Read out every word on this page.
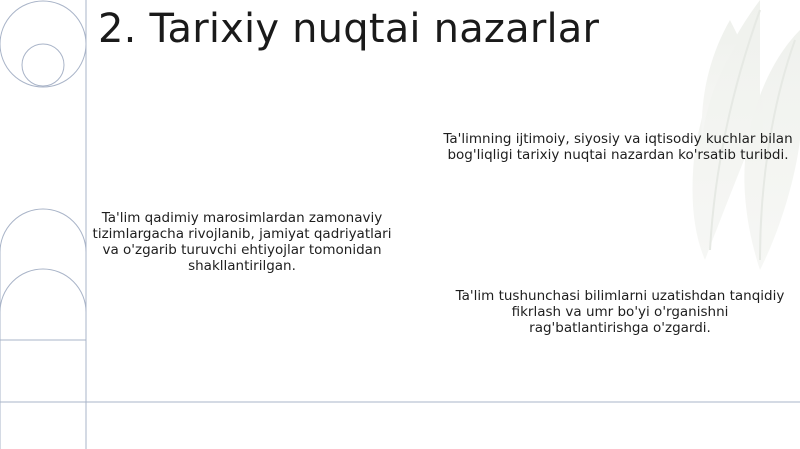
2. Tarixiy nuqtai nazarlar
Ta'limning ijtimoiy, siyosiy va iqtisodiy kuchlar bilan bog'liqligi tarixiy nuqtai nazardan ko'rsatib turibdi.
Ta'lim qadimiy marosimlardan zamonaviy tizimlargacha rivojlanib, jamiyat qadriyatlari va o'zgarib turuvchi ehtiyojlar tomonidan shakllantirilgan.
Ta'lim tushunchasi bilimlarni uzatishdan tanqidiy fikrlash va umr bo'yi o'rganishni rag'batlantirishga o'zgardi.
